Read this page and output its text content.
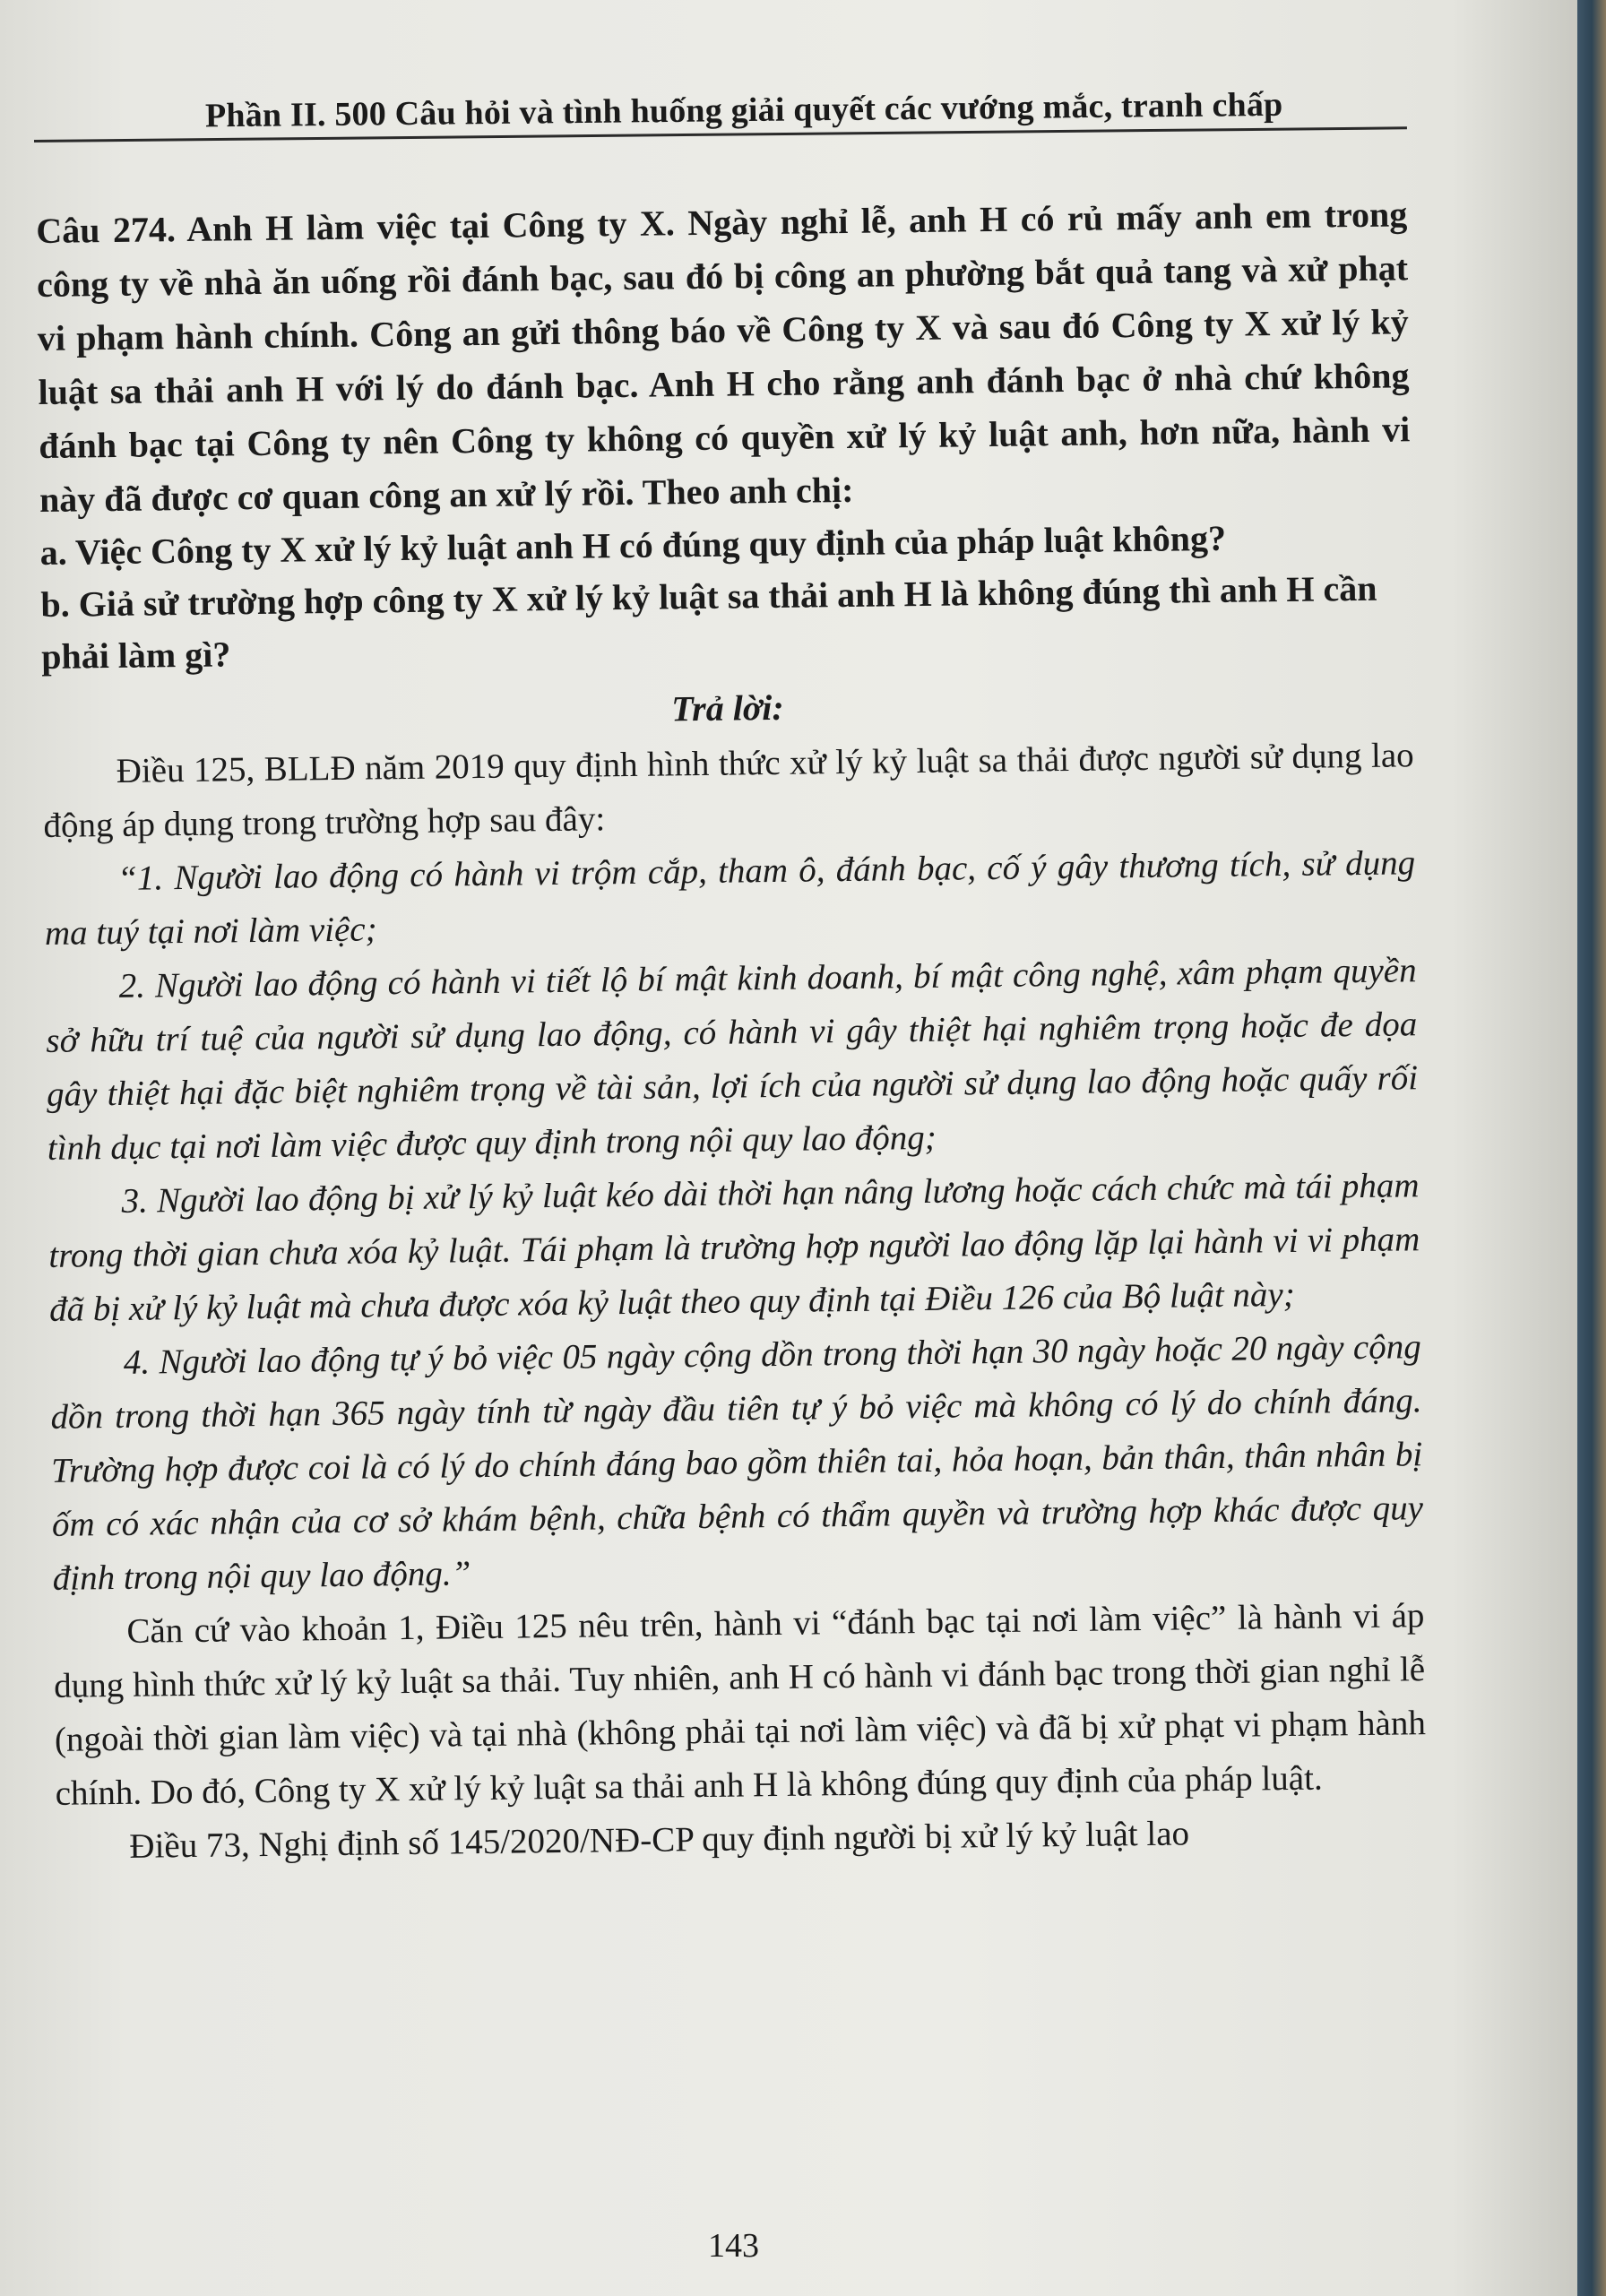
Phần II. 500 Câu hỏi và tình huống giải quyết các vướng mắc, tranh chấp

Câu 274. Anh H làm việc tại Công ty X. Ngày nghỉ lễ, anh H có rủ mấy anh em trong công ty về nhà ăn uống rồi đánh bạc, sau đó bị công an phường bắt quả tang và xử phạt vi phạm hành chính. Công an gửi thông báo về Công ty X và sau đó Công ty X xử lý kỷ luật sa thải anh H với lý do đánh bạc. Anh H cho rằng anh đánh bạc ở nhà chứ không đánh bạc tại Công ty nên Công ty không có quyền xử lý kỷ luật anh, hơn nữa, hành vi này đã được cơ quan công an xử lý rồi. Theo anh chị:

a. Việc Công ty X xử lý kỷ luật anh H có đúng quy định của pháp luật không?

b. Giả sử trường hợp công ty X xử lý kỷ luật sa thải anh H là không đúng thì anh H cần phải làm gì?

Trả lời:

Điều 125, BLLĐ năm 2019 quy định hình thức xử lý kỷ luật sa thải được người sử dụng lao động áp dụng trong trường hợp sau đây:

“1. Người lao động có hành vi trộm cắp, tham ô, đánh bạc, cố ý gây thương tích, sử dụng ma tuý tại nơi làm việc;

2. Người lao động có hành vi tiết lộ bí mật kinh doanh, bí mật công nghệ, xâm phạm quyền sở hữu trí tuệ của người sử dụng lao động, có hành vi gây thiệt hại nghiêm trọng hoặc đe dọa gây thiệt hại đặc biệt nghiêm trọng về tài sản, lợi ích của người sử dụng lao động hoặc quấy rối tình dục tại nơi làm việc được quy định trong nội quy lao động;

3. Người lao động bị xử lý kỷ luật kéo dài thời hạn nâng lương hoặc cách chức mà tái phạm trong thời gian chưa xóa kỷ luật. Tái phạm là trường hợp người lao động lặp lại hành vi vi phạm đã bị xử lý kỷ luật mà chưa được xóa kỷ luật theo quy định tại Điều 126 của Bộ luật này;

4. Người lao động tự ý bỏ việc 05 ngày cộng dồn trong thời hạn 30 ngày hoặc 20 ngày cộng dồn trong thời hạn 365 ngày tính từ ngày đầu tiên tự ý bỏ việc mà không có lý do chính đáng. Trường hợp được coi là có lý do chính đáng bao gồm thiên tai, hỏa hoạn, bản thân, thân nhân bị ốm có xác nhận của cơ sở khám bệnh, chữa bệnh có thẩm quyền và trường hợp khác được quy định trong nội quy lao động.”

Căn cứ vào khoản 1, Điều 125 nêu trên, hành vi “đánh bạc tại nơi làm việc” là hành vi áp dụng hình thức xử lý kỷ luật sa thải. Tuy nhiên, anh H có hành vi đánh bạc trong thời gian nghỉ lễ (ngoài thời gian làm việc) và tại nhà (không phải tại nơi làm việc) và đã bị xử phạt vi phạm hành chính. Do đó, Công ty X xử lý kỷ luật sa thải anh H là không đúng quy định của pháp luật.

Điều 73, Nghị định số 145/2020/NĐ-CP quy định người bị xử lý kỷ luật lao

143
